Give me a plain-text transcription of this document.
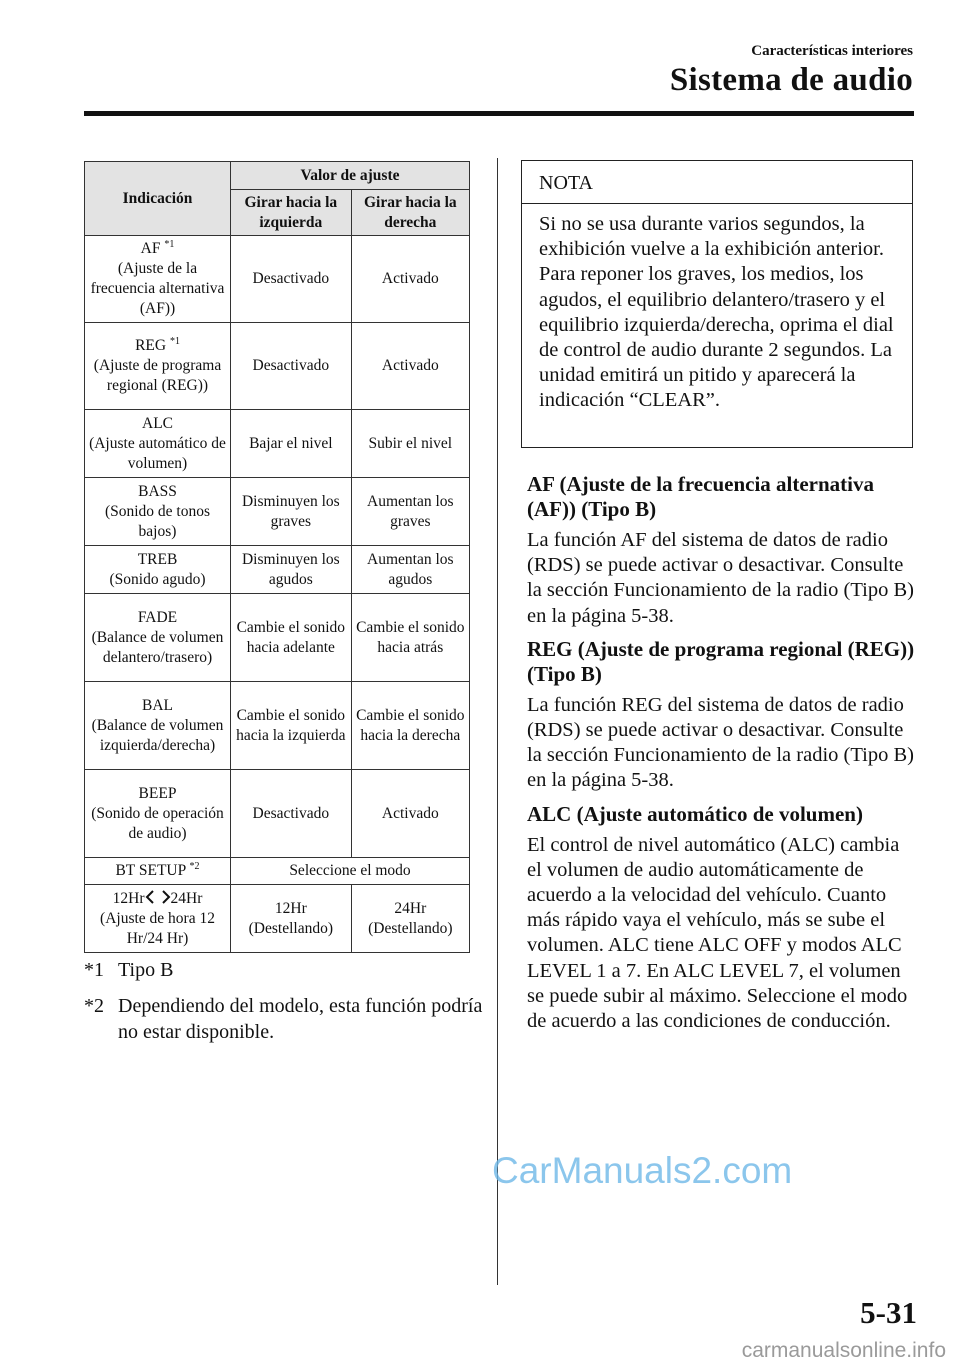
Características interiores
Sistema de audio
Indicación	Valor de ajuste	
	Girar hacia la izquierda	Girar hacia la derecha
AF $^{*1}$
(Ajuste de la frecuencia alternativa (AF))	Desactivado	Activado
REG $^{*1}$
(Ajuste de programa regional (REG))	Desactivado	Activado
ALC
(Ajuste automático de volumen)	Bajar el nivel	Subir el nivel
BASS
(Sonido de tonos bajos)	Disminuyen los graves	Aumentan los graves
TREB
(Sonido agudo)	Disminuyen los agudos	Aumentan los agudos
FADE
(Balance de volumen delantero/trasero)	Cambie el sonido hacia adelante	Cambie el sonido hacia atrás
BAL
(Balance de volumen izquierda/derecha)	Cambie el sonido hacia la izquierda	Cambie el sonido hacia la derecha
BEEP
(Sonido de operación de audio)	Desactivado	Activado
BT SETUP $^{*2}$	Seleccione el modo	
12Hr 24Hr
(Ajuste de hora 12 Hr/24 Hr)	12Hr (Destellando)	24Hr (Destellando)
*1 Tipo B
*2 Dependiendo del modelo, esta función podría no estar disponible.
NOTA
Si no se usa durante varios segundos, la exhibición vuelve a la exhibición anterior. Para reponer los graves, los medios, los agudos, el equilibrio delantero/trasero y el equilibrio izquierda/derecha, oprima el dial de control de audio durante 2 segundos. La unidad emitirá un pitido y aparecerá la indicación “CLEAR”.
AF (Ajuste de la frecuencia alternativa (AF)) (Tipo B)

La función AF del sistema de datos de radio (RDS) se puede activar o desactivar. Consulte la sección Funcionamiento de la radio (Tipo B) en la página 5-38.

REG (Ajuste de programa regional (REG)) (Tipo B)

La función REG del sistema de datos de radio (RDS) se puede activar o desactivar. Consulte la sección Funcionamiento de la radio (Tipo B) en la página 5-38.

ALC (Ajuste automático de volumen)

El control de nivel automático (ALC) cambia el volumen de audio automáticamente de acuerdo a la velocidad del vehículo. Cuanto más rápido vaya el vehículo, más se sube el volumen. ALC tiene ALC OFF y modos ALC LEVEL 1 a 7. En ALC LEVEL 7, el volumen se puede subir al máximo. Seleccione el modo de acuerdo a las condiciones de conducción.

CarManuals2.com
5-31
carmanualsonline.info
